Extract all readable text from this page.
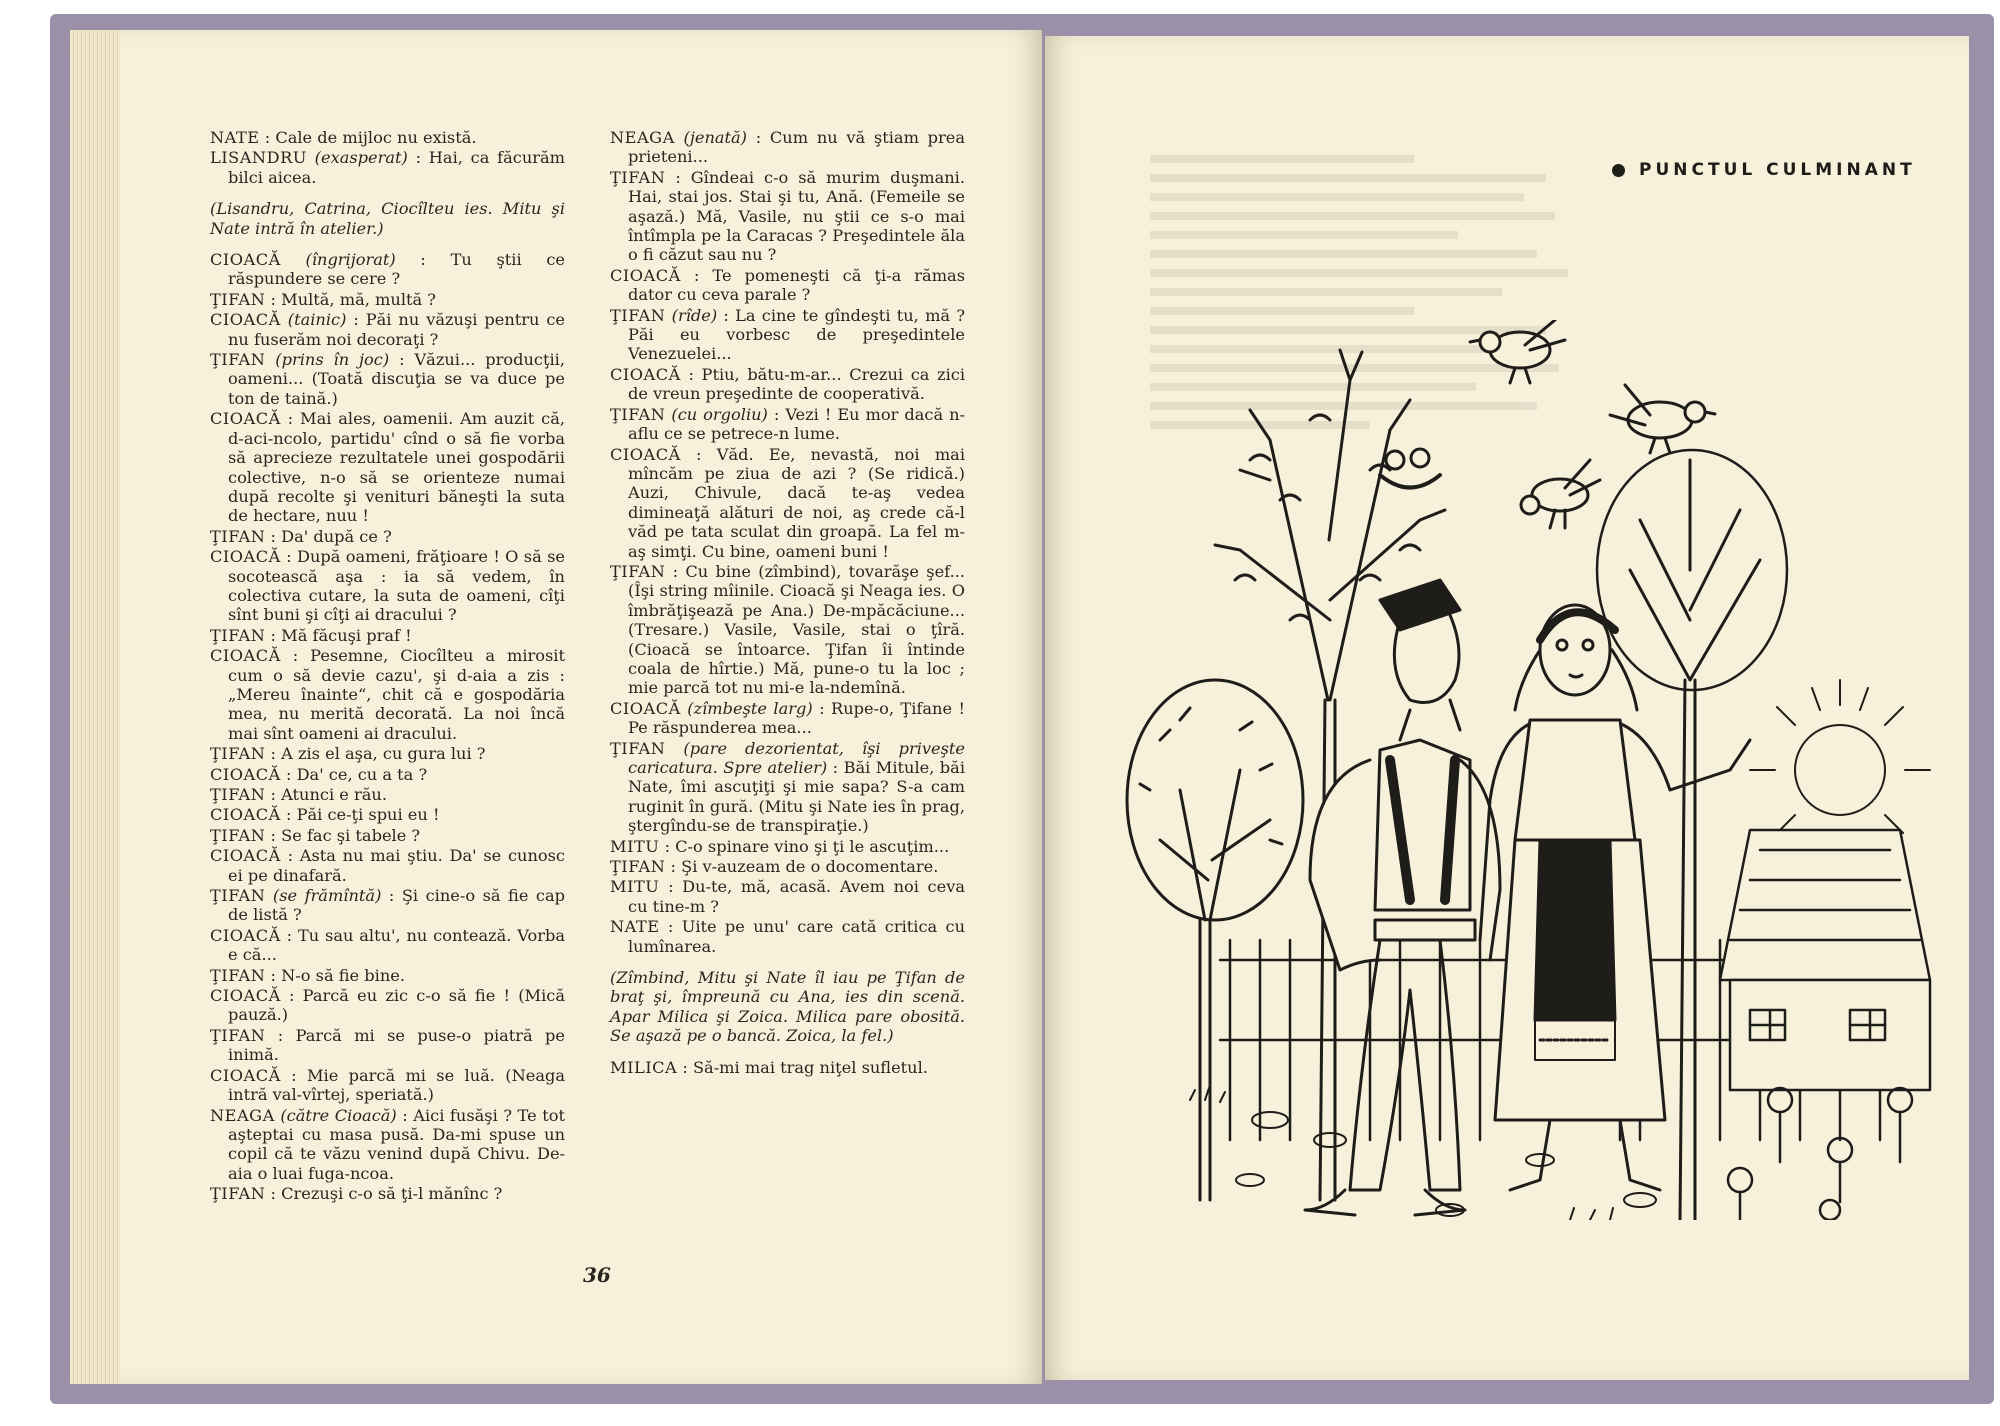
NATE : Cale de mijloc nu există.
LISANDRU (exasperat) : Hai, ca făcurăm bilci aicea.
(Lisandru, Catrina, Ciocîlteu ies. Mitu şi Nate intră în atelier.)
CIOACĂ (îngrijorat) : Tu ştii ce răspundere se cere ?
ŢIFAN : Multă, mă, multă ?
CIOACĂ (tainic) : Păi nu văzuşi pentru ce nu fuserăm noi decoraţi ?
ŢIFAN (prins în joc) : Văzui... producţii, oameni... (Toată discuţia se va duce pe ton de taină.)
CIOACĂ : Mai ales, oamenii. Am auzit că, d-aci-ncolo, partidu' cînd o să fie vorba să aprecieze rezultatele unei gospodării colective, n-o să se orienteze numai după recolte şi venituri băneşti la suta de hectare, nuu !
ŢIFAN : Da' după ce ?
CIOACĂ : După oameni, frăţioare ! O să se socotească aşa : ia să vedem, în colectiva cutare, la suta de oameni, cîţi sînt buni şi cîţi ai dracului ?
ŢIFAN : Mă făcuşi praf !
CIOACĂ : Pesemne, Ciocîlteu a mirosit cum o să devie cazu', şi d-aia a zis : „Mereu înainte“, chit că e gospodăria mea, nu merită decorată. La noi încă mai sînt oameni ai dracului.
ŢIFAN : A zis el aşa, cu gura lui ?
CIOACĂ : Da' ce, cu a ta ?
ŢIFAN : Atunci e rău.
CIOACĂ : Păi ce-ţi spui eu !
ŢIFAN : Se fac şi tabele ?
CIOACĂ : Asta nu mai ştiu. Da' se cunosc ei pe dinafară.
ŢIFAN (se frămîntă) : Şi cine-o să fie cap de listă ?
CIOACĂ : Tu sau altu', nu contează. Vorba e că...
ŢIFAN : N-o să fie bine.
CIOACĂ : Parcă eu zic c-o să fie ! (Mică pauză.)
ŢIFAN : Parcă mi se puse-o piatră pe inimă.
CIOACĂ : Mie parcă mi se luă. (Neaga intră val-vîrtej, speriată.)
NEAGA (către Cioacă) : Aici fusăşi ? Te tot aşteptai cu masa pusă. Da-mi spuse un copil că te văzu venind după Chivu. De-aia o luai fuga-ncoa.
ŢIFAN : Crezuşi c-o să ţi-l mănînc ?
NEAGA (jenată) : Cum nu vă ştiam prea prieteni...
ŢIFAN : Gîndeai c-o să murim duşmani. Hai, stai jos. Stai şi tu, Ană. (Femeile se aşază.) Mă, Vasile, nu ştii ce s-o mai întîmpla pe la Caracas ? Preşedintele ăla o fi căzut sau nu ?
CIOACĂ : Te pomeneşti că ţi-a rămas dator cu ceva parale ?
ŢIFAN (rîde) : La cine te gîndeşti tu, mă ? Păi eu vorbesc de preşedintele Venezuelei...
CIOACĂ : Ptiu, bătu-m-ar... Crezui ca zici de vreun preşedinte de cooperativă.
ŢIFAN (cu orgoliu) : Vezi ! Eu mor dacă n-aflu ce se petrece-n lume.
CIOACĂ : Văd. Ee, nevastă, noi mai mîncăm pe ziua de azi ? (Se ridică.) Auzi, Chivule, dacă te-aş vedea dimineaţă alături de noi, aş crede că-l văd pe tata sculat din groapă. La fel m-aş simţi. Cu bine, oameni buni !
ŢIFAN : Cu bine (zîmbind), tovarăşe şef... (Îşi string mîinile. Cioacă şi Neaga ies. O îmbrăţişează pe Ana.) De-mpăcăciune... (Tresare.) Vasile, Vasile, stai o ţîră. (Cioacă se întoarce. Ţifan îi întinde coala de hîrtie.) Mă, pune-o tu la loc ; mie parcă tot nu mi-e la-ndemînă.
CIOACĂ (zîmbeşte larg) : Rupe-o, Ţifane ! Pe răspunderea mea...
ŢIFAN (pare dezorientat, îşi priveşte caricatura. Spre atelier) : Băi Mitule, băi Nate, îmi ascuţiţi şi mie sapa? S-a cam ruginit în gură. (Mitu şi Nate ies în prag, ştergîndu-se de transpiraţie.)
MITU : C-o spinare vino şi ţi le ascuţim...
ŢIFAN : Şi v-auzeam de o docomentare.
MITU : Du-te, mă, acasă. Avem noi ceva cu tine-m ?
NATE : Uite pe unu' care cată critica cu lumînarea.
(Zîmbind, Mitu şi Nate îl iau pe Ţifan de braţ şi, împreună cu Ana, ies din scenă. Apar Milica şi Zoica. Milica pare obosită. Se aşază pe o bancă. Zoica, la fel.)
MILICA : Să-mi mai trag niţel sufletul.
36
PUNCTUL CULMINANT
